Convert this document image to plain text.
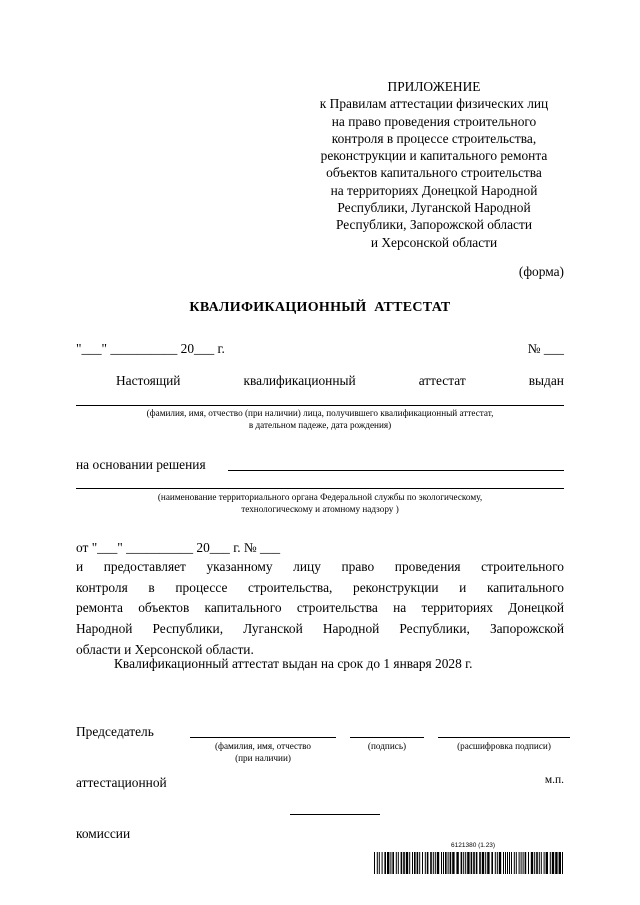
ПРИЛОЖЕНИЕ
к Правилам аттестации физических лиц
на право проведения строительного
контроля в процессе строительства,
реконструкции и капитального ремонта
объектов капитального строительства
на территориях Донецкой Народной
Республики, Луганской Народной
Республики, Запорожской области
и Херсонской области
(форма)
КВАЛИФИКАЦИОННЫЙ АТТЕСТАТ
"___" __________ 20___ г.	№ ___
Настоящий	квалификационный	аттестат	выдан
(фамилия, имя, отчество (при наличии) лица, получившего квалификационный аттестат,
в дательном падеже, дата рождения)
на основании решения
(наименование территориального органа Федеральной службы по экологическому,
технологическому и атомному надзору )
от "___" __________ 20___ г. № ___
и предоставляет указанному лицу право проведения строительного
контроля в процессе строительства, реконструкции и капитального
ремонта объектов капитального строительства на территориях Донецкой
Народной Республики, Луганской Народной Республики, Запорожской
области и Херсонской области.
Квалификационный аттестат выдан на срок до 1 января 2028 г.

Председатель

аттестационной

комиссии

(фамилия, имя, отчество
(при наличии)
(подпись)	(расшифровка подписи)
м.п.
6121380 (1.23)
